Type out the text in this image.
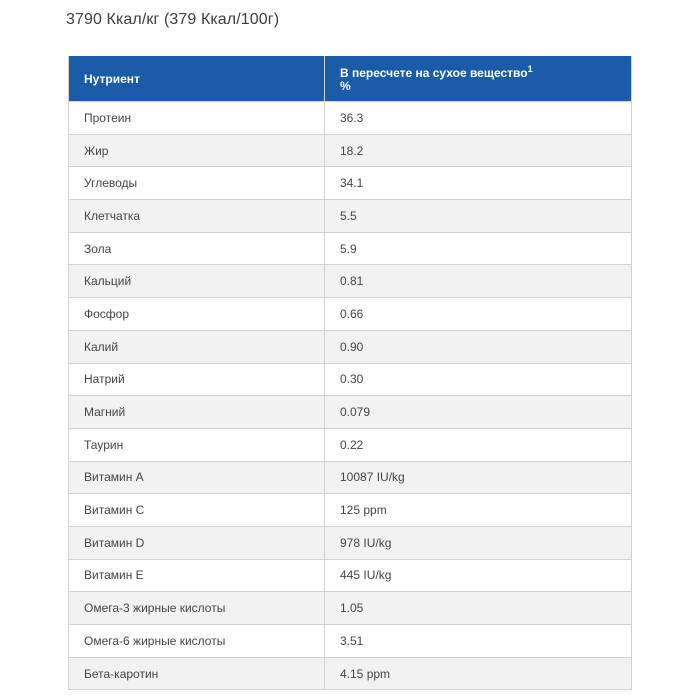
3790 Ккал/кг (379 Ккал/100г)
Нутриент	В пересчете на сухое вещество$^1$
%

Протеин	36.3
Жир	18.2
Углеводы	34.1
Клетчатка	5.5
Зола	5.9
Кальций	0.81
Фосфор	0.66
Калий	0.90
Натрий	0.30
Магний	0.079
Таурин	0.22
Витамин A	10087 IU/kg
Витамин C	125 ppm
Витамин D	978 IU/kg
Витамин E	445 IU/kg
Омега-3 жирные кислоты	1.05
Омега-6 жирные кислоты	3.51
Бета-каротин	4.15 ppm
